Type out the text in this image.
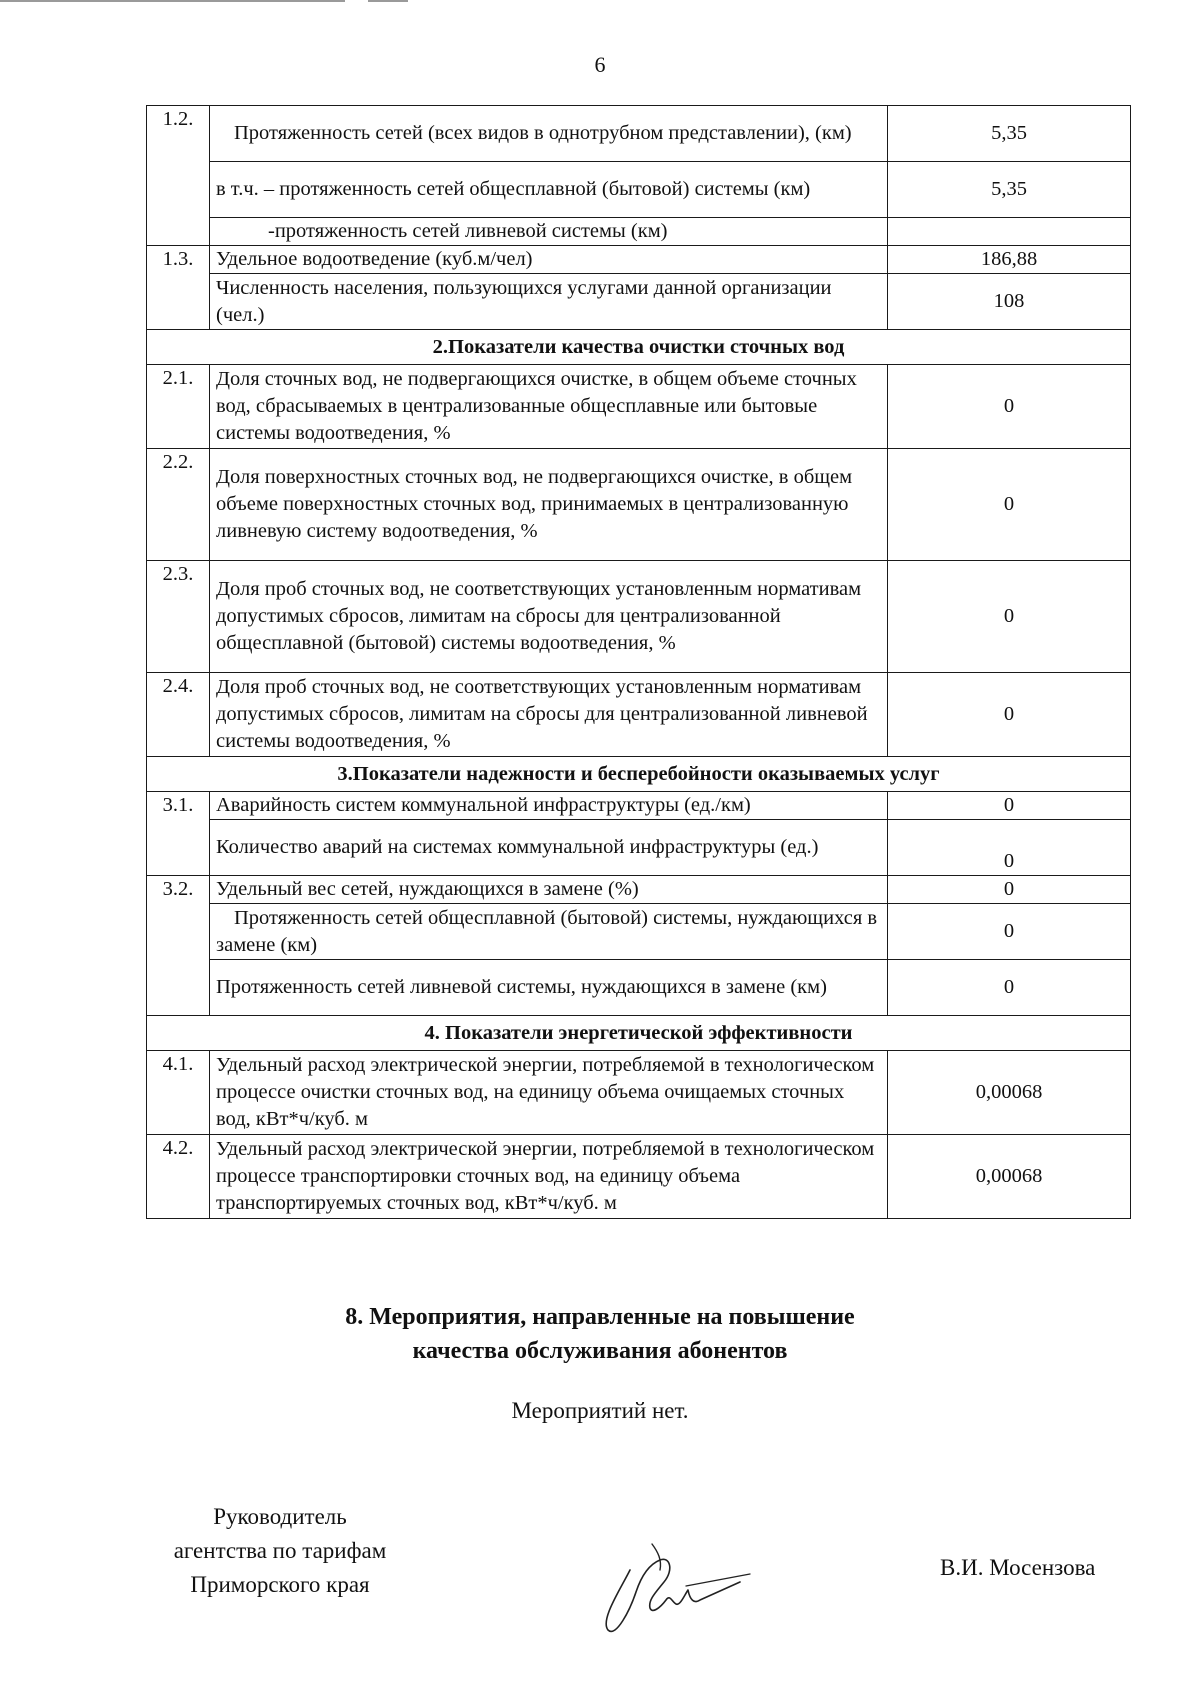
6
1.2.	Протяженность сетей (всех видов в однотрубном представлении), (км)	5,35
	в т.ч. – протяженность сетей общесплавной (бытовой) системы (км)	5,35
	-протяженность сетей ливневой системы (км)	
1.3.	Удельное водоотведение (куб.м/чел)	186,88
	Численность населения, пользующихся услугами данной организации (чел.)	108
2.Показатели качества очистки сточных вод		
2.1.	Доля сточных вод, не подвергающихся очистке, в общем объеме сточных вод, сбрасываемых в централизованные общесплавные или бытовые системы водоотведения, %	0
2.2.	Доля поверхностных сточных вод, не подвергающихся очистке, в общем объеме поверхностных сточных вод, принимаемых в централизованную ливневую систему водоотведения, %	0
2.3.	Доля проб сточных вод, не соответствующих установленным нормативам допустимых сбросов, лимитам на сбросы для централизованной общесплавной (бытовой) системы водоотведения, %	0
2.4.	Доля проб сточных вод, не соответствующих установленным нормативам допустимых сбросов, лимитам на сбросы для централизованной ливневой системы водоотведения, %	0
3.Показатели надежности и бесперебойности оказываемых услуг		
3.1.	Аварийность систем коммунальной инфраструктуры (ед./км)	0
	Количество аварий на системах коммунальной инфраструктуры (ед.)	0
3.2.	Удельный вес сетей, нуждающихся в замене (%)	0
	Протяженность сетей общесплавной (бытовой) системы, нуждающихся в замене (км)	0
	Протяженность сетей ливневой системы, нуждающихся в замене (км)	0
4. Показатели энергетической эффективности		
4.1.	Удельный расход электрической энергии, потребляемой в технологическом процессе очистки сточных вод, на единицу объема очищаемых сточных вод, кВт*ч/куб. м	0,00068
4.2.	Удельный расход электрической энергии, потребляемой в технологическом процессе транспортировки сточных вод, на единицу объема транспортируемых сточных вод, кВт*ч/куб. м	0,00068
8. Мероприятия, направленные на повышение
качества обслуживания абонентов
Мероприятий нет.
Руководитель
агентства по тарифам
Приморского края
В.И. Мосензова
